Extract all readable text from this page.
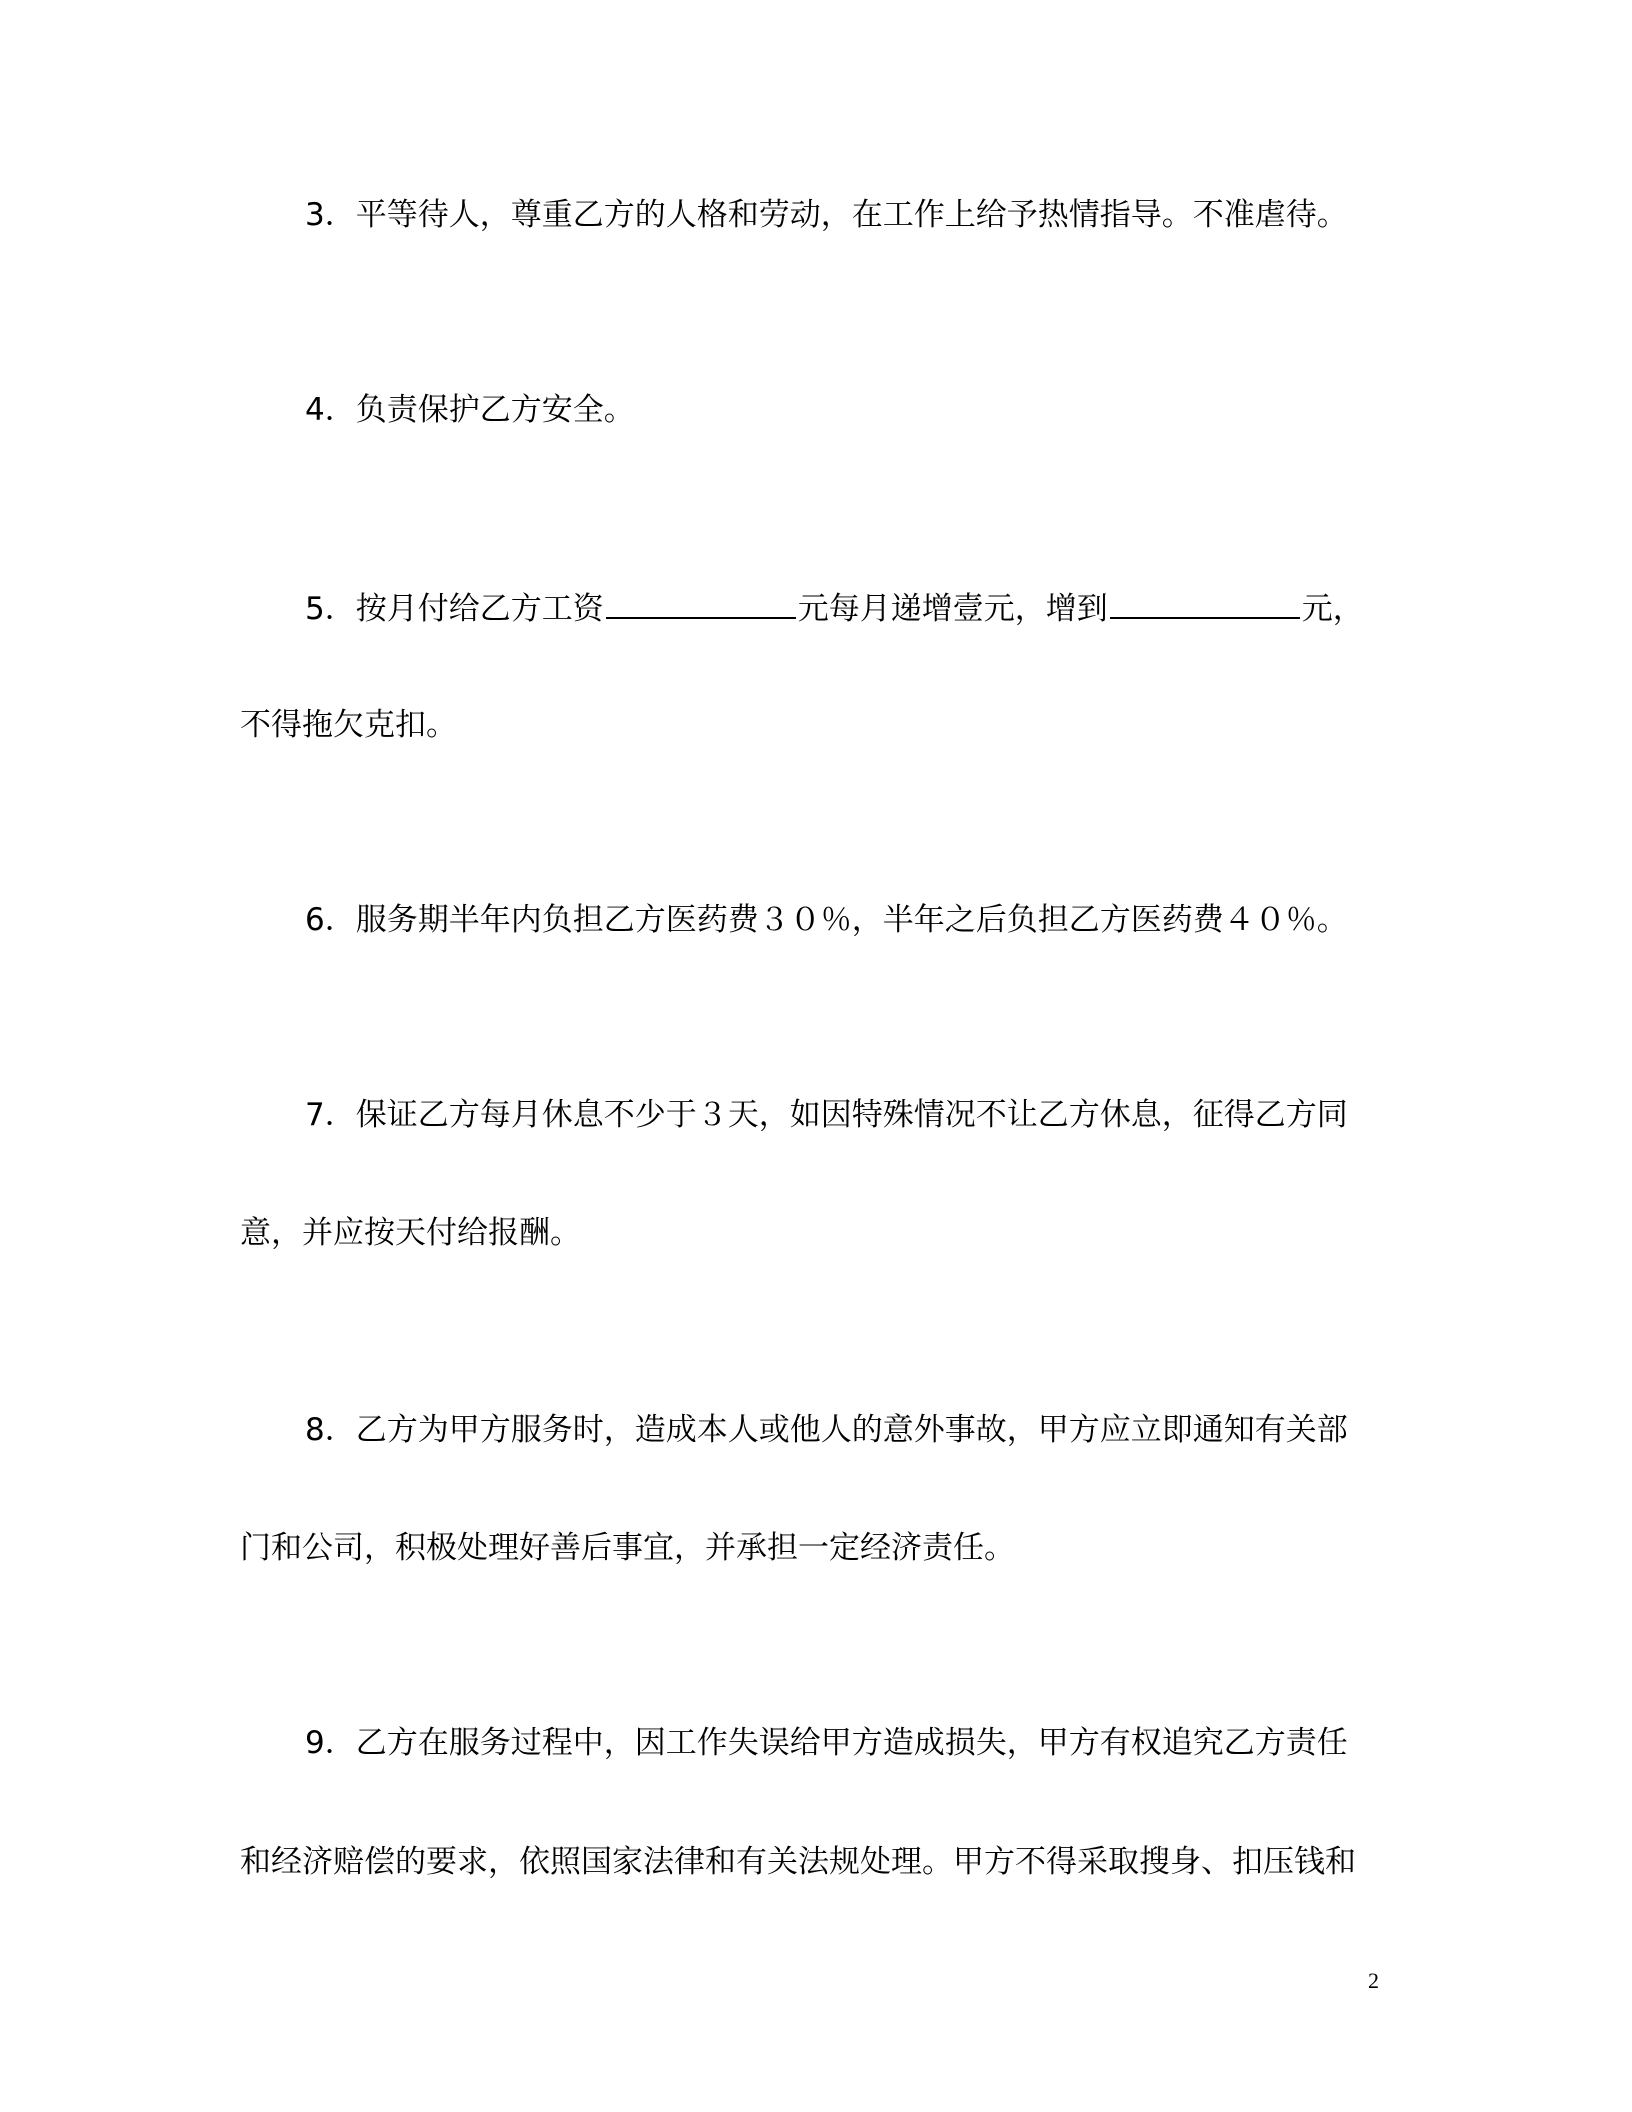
3．平等待人，尊重乙方的人格和劳动，在工作上给予热情指导。不准虐待。
4．负责保护乙方安全。
5．按月付给乙方工资	元每月递增壹元，增到	元，
不得拖欠克扣。
6．服务期半年内负担乙方医药费３０％，半年之后负担乙方医药费４０％。
7．保证乙方每月休息不少于３天，如因特殊情况不让乙方休息，征得乙方同
意，并应按天付给报酬。
8．乙方为甲方服务时，造成本人或他人的意外事故，甲方应立即通知有关部
门和公司，积极处理好善后事宜，并承担一定经济责任。
9．乙方在服务过程中，因工作失误给甲方造成损失，甲方有权追究乙方责任
和经济赔偿的要求，依照国家法律和有关法规处理。甲方不得采取搜身、扣压钱和
2
